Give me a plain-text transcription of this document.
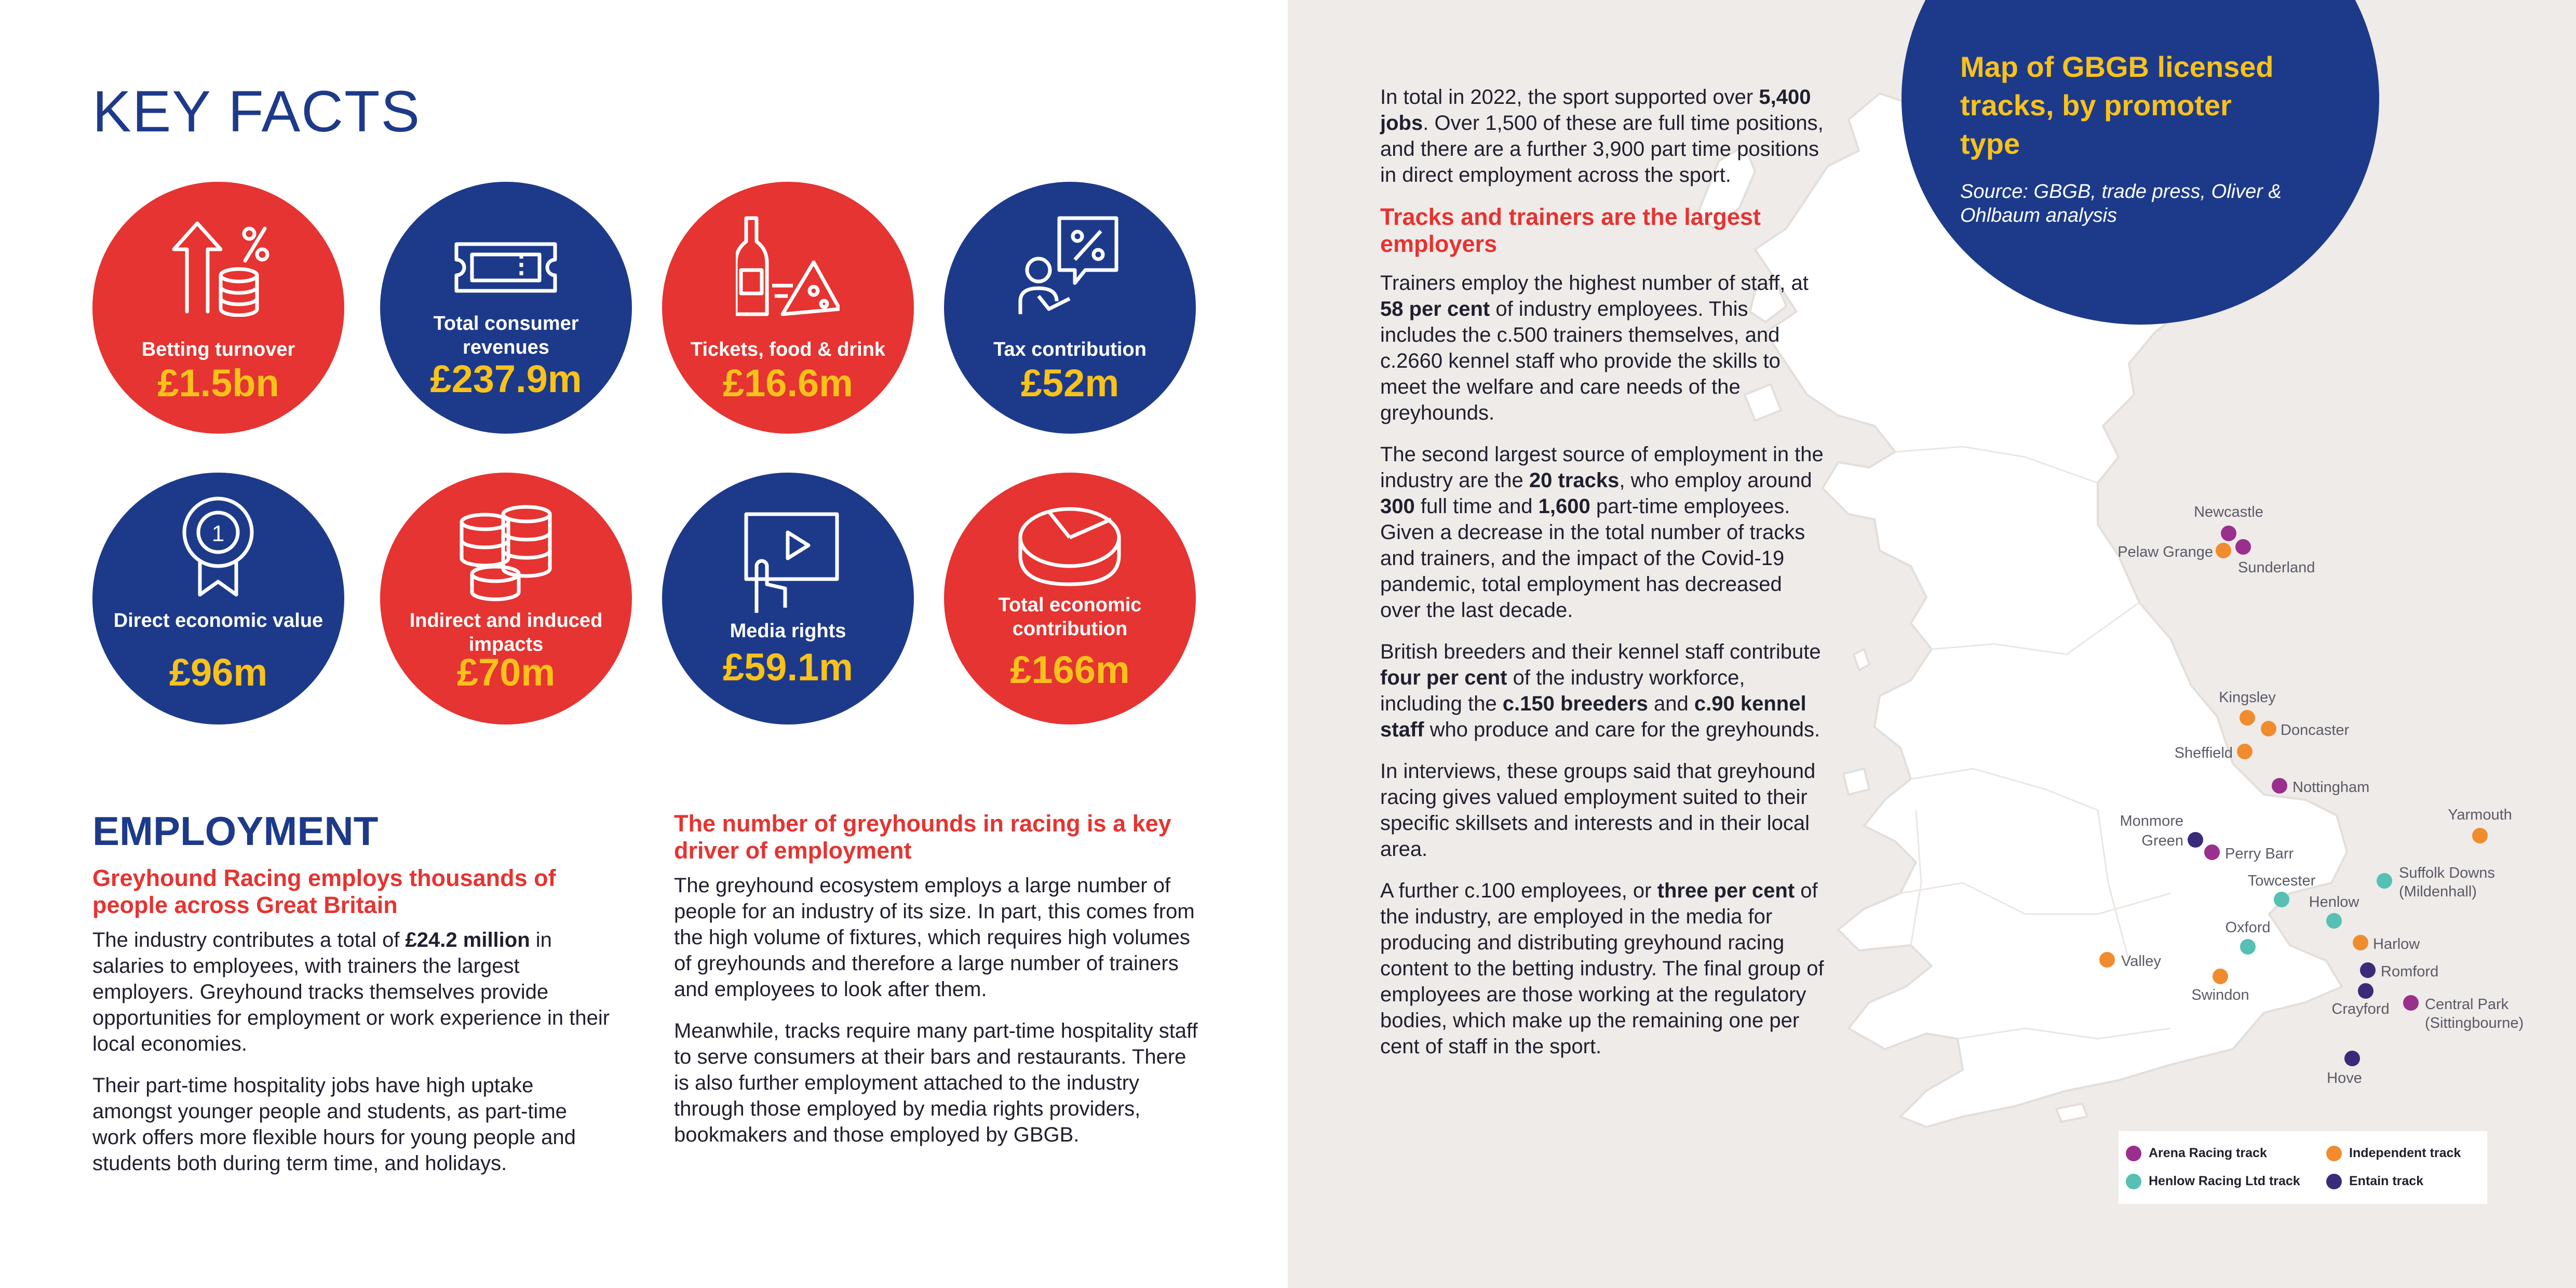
KEY FACTS
Betting turnover
£1.5bn
Total consumer revenues
£237.9m
Tickets, food & drink
£16.6m
Tax contribution
£52m
1
Direct economic value
£96m
Indirect and induced impacts
£70m
Media rights
£59.1m
Total economic contribution
£166m
EMPLOYMENT
Greyhound Racing employs thousands of people across Great Britain

The industry contributes a total of £24.2 million in salaries to employees, with trainers the largest employers. Greyhound tracks themselves provide opportunities for employment or work experience in their local economies.

Their part-time hospitality jobs have high uptake amongst younger people and students, as part-time work offers more flexible hours for young people and students both during term time, and holidays.

The number of greyhounds in racing is a key driver of employment

The greyhound ecosystem employs a large number of people for an industry of its size. In part, this comes from the high volume of fixtures, which requires high volumes of greyhounds and therefore a large number of trainers and employees to look after them.

Meanwhile, tracks require many part-time hospitality staff to serve consumers at their bars and restaurants. There is also further employment attached to the industry through those employed by media rights providers, bookmakers and those employed by GBGB.

Newcastle
Pelaw Grange
Sunderland
Kingsley
Doncaster
Sheffield
Nottingham
Yarmouth
Monmore
Green
Perry Barr
Towcester	Suffolk Downs
(Mildenhall)
Henlow
Oxford
Harlow
Valley
Romford
Swindon
Crayford Central Park
(Sittingbourne)
Hove

In total in 2022, the sport supported over 5,400 jobs. Over 1,500 of these are full time positions, and there are a further 3,900 part time positions in direct employment across the sport.

Tracks and trainers are the largest employers

Trainers employ the highest number of staff, at 58 per cent of industry employees. This includes the c.500 trainers themselves, and c.2660 kennel staff who provide the skills to meet the welfare and care needs of the greyhounds.

The second largest source of employment in the industry are the 20 tracks, who employ around 300 full time and 1,600 part-time employees. Given a decrease in the total number of tracks and trainers, and the impact of the Covid-19 pandemic, total employment has decreased over the last decade.

British breeders and their kennel staff contribute four per cent of the industry workforce, including the c.150 breeders and c.90 kennel staff who produce and care for the greyhounds.

In interviews, these groups said that greyhound racing gives valued employment suited to their specific skillsets and interests and in their local area.

A further c.100 employees, or three per cent of the industry, are employed in the media for producing and distributing greyhound racing content to the betting industry. The final group of employees are those working at the regulatory bodies, which make up the remaining one per cent of staff in the sport.

Map of GBGB licensed tracks, by promoter type
Source: GBGB, trade press, Oliver & Ohlbaum analysis
Arena Racing track	Independent track
Henlow Racing Ltd track	Entain track
